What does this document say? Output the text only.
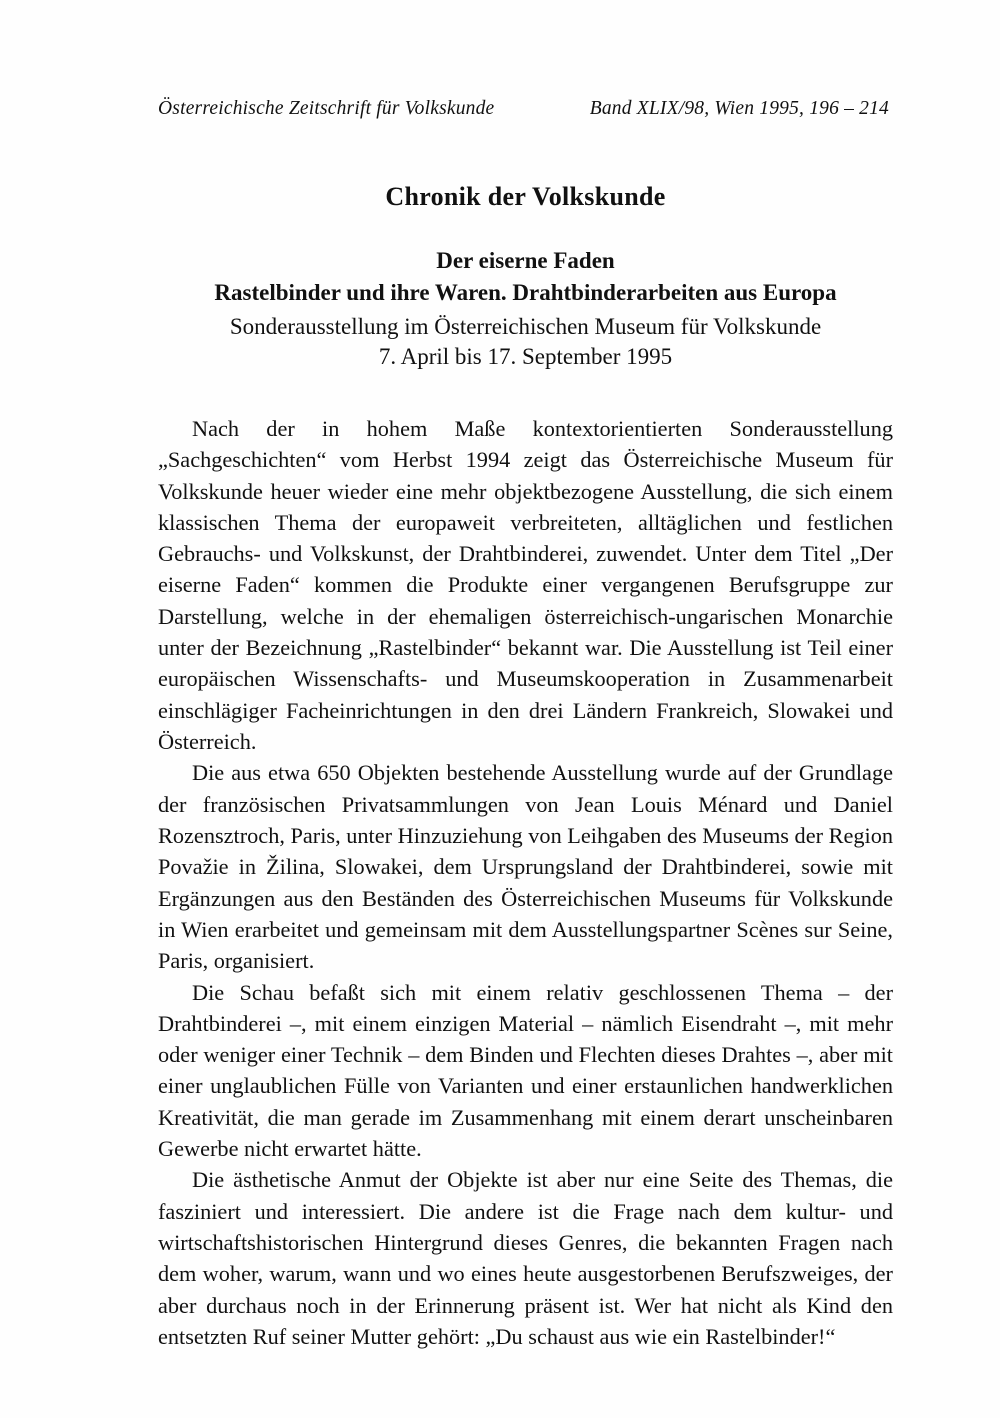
Österreichische Zeitschrift für Volkskunde	Band XLIX/98, Wien 1995, 196 – 214
Chronik der Volkskunde
Der eiserne Faden
Rastelbinder und ihre Waren. Drahtbinderarbeiten aus Europa
Sonderausstellung im Österreichischen Museum für Volkskunde
7. April bis 17. September 1995

Nach der in hohem Maße kontextorientierten Sonderausstellung „Sachgeschichten“ vom Herbst 1994 zeigt das Österreichische Museum für Volkskunde heuer wieder eine mehr objektbezogene Ausstellung, die sich einem klassischen Thema der europaweit verbreiteten, alltäglichen und festlichen Gebrauchs- und Volkskunst, der Drahtbinderei, zuwendet. Unter dem Titel „Der eiserne Faden“ kommen die Produkte einer vergangenen Berufsgruppe zur Darstellung, welche in der ehemaligen österreichisch-ungarischen Monarchie unter der Bezeichnung „Rastelbinder“ bekannt war. Die Ausstellung ist Teil einer europäischen Wissenschafts- und Museumskooperation in Zusammenarbeit einschlägiger Facheinrichtungen in den drei Ländern Frankreich, Slowakei und Österreich.

Die aus etwa 650 Objekten bestehende Ausstellung wurde auf der Grundlage der französischen Privatsammlungen von Jean Louis Ménard und Daniel Rozensztroch, Paris, unter Hinzuziehung von Leihgaben des Museums der Region Považie in Žilina, Slowakei, dem Ursprungsland der Drahtbinderei, sowie mit Ergänzungen aus den Beständen des Österreichischen Museums für Volkskunde in Wien erarbeitet und gemeinsam mit dem Ausstellungspartner Scènes sur Seine, Paris, organisiert.

Die Schau befaßt sich mit einem relativ geschlossenen Thema – der Drahtbinderei –, mit einem einzigen Material – nämlich Eisendraht –, mit mehr oder weniger einer Technik – dem Binden und Flechten dieses Drahtes –, aber mit einer unglaublichen Fülle von Varianten und einer erstaunlichen handwerklichen Kreativität, die man gerade im Zusammenhang mit einem derart unscheinbaren Gewerbe nicht erwartet hätte.

Die ästhetische Anmut der Objekte ist aber nur eine Seite des Themas, die fasziniert und interessiert. Die andere ist die Frage nach dem kultur- und wirtschaftshistorischen Hintergrund dieses Genres, die bekannten Fragen nach dem woher, warum, wann und wo eines heute ausgestorbenen Berufszweiges, der aber durchaus noch in der Erinnerung präsent ist. Wer hat nicht als Kind den entsetzten Ruf seiner Mutter gehört: „Du schaust aus wie ein Rastelbinder!“
